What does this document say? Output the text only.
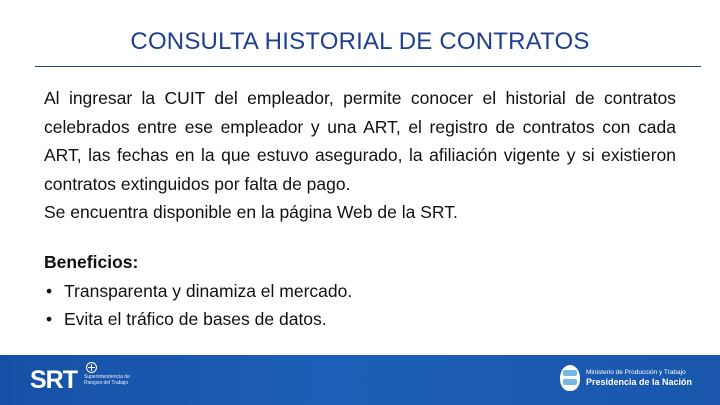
CONSULTA HISTORIAL DE CONTRATOS

Al ingresar la CUIT del empleador, permite conocer el historial de contratos celebrados entre ese empleador y una ART, el registro de contratos con cada ART, las fechas en la que estuvo asegurado, la afiliación vigente y si existieron contratos extinguidos por falta de pago.

Se encuentra disponible en la página Web de la SRT.

Beneficios:

• Transparenta y dinamiza el mercado.
• Evita el tráfico de bases de datos.
SRT Superintendencia de Riesgos del Trabajo
Ministerio de Producción y Trabajo
Presidencia de la Nación
